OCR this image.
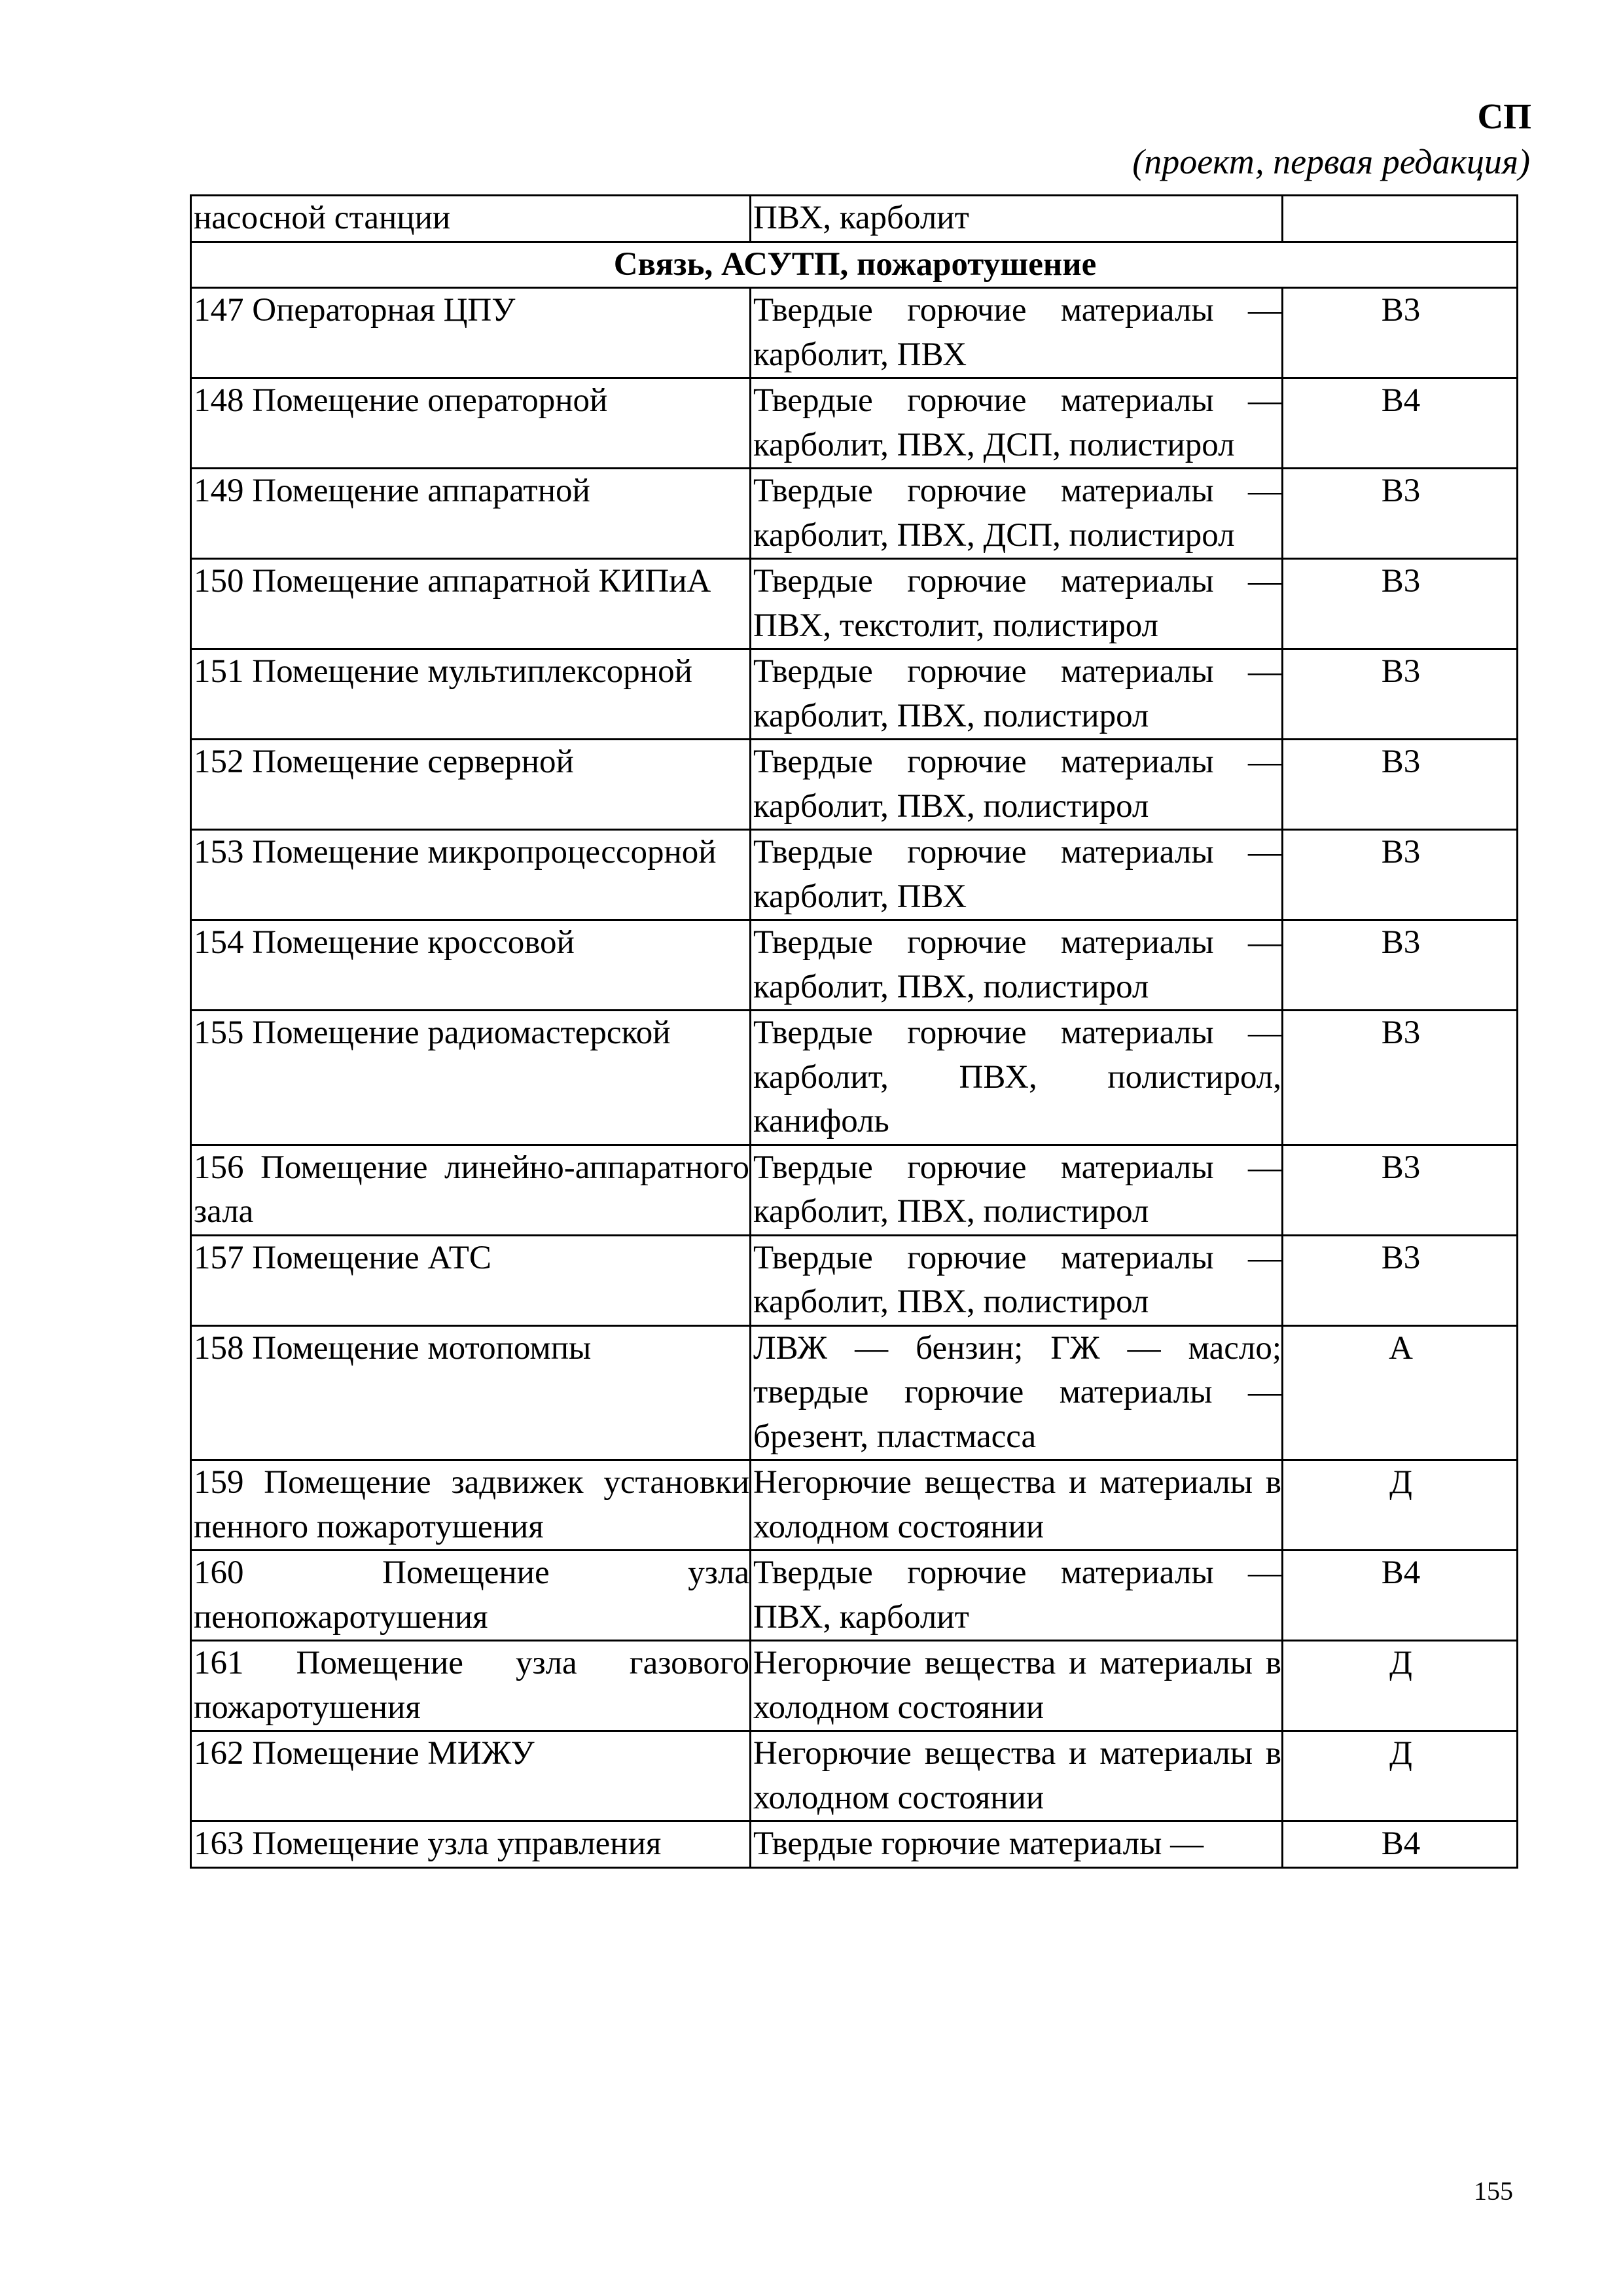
СП
(проект, первая редакция)
насосной станции	ПВХ, карболит	
Связь, АСУТП, пожаротушение		
147 Операторная ЦПУ	Твердые горючие материалы — карболит, ПВХ	В3
148 Помещение операторной	Твердые горючие материалы — карболит, ПВХ, ДСП, полистирол	В4
149 Помещение аппаратной	Твердые горючие материалы — карболит, ПВХ, ДСП, полистирол	В3
150 Помещение аппаратной КИПиА	Твердые горючие материалы — ПВХ, текстолит, полистирол	В3
151 Помещение мультиплексорной	Твердые горючие материалы — карболит, ПВХ, полистирол	В3
152 Помещение серверной	Твердые горючие материалы — карболит, ПВХ, полистирол	В3
153 Помещение микропроцессорной	Твердые горючие материалы — карболит, ПВХ	В3
154 Помещение кроссовой	Твердые горючие материалы — карболит, ПВХ, полистирол	В3
155 Помещение радиомастерской	Твердые горючие материалы — карболит, ПВХ, полистирол, канифоль	В3
156 Помещение линейно-аппаратного зала	Твердые горючие материалы — карболит, ПВХ, полистирол	В3
157 Помещение АТС	Твердые горючие материалы — карболит, ПВХ, полистирол	В3
158 Помещение мотопомпы	ЛВЖ — бензин; ГЖ — масло; твердые горючие материалы — брезент, пластмасса	А
159 Помещение задвижек установки пенного пожаротушения	Негорючие вещества и материалы в холодном состоянии	Д
160 Помещение узла пенопожаротушения	Твердые горючие материалы — ПВХ, карболит	В4
161 Помещение узла газового пожаротушения	Негорючие вещества и материалы в холодном состоянии	Д
162 Помещение МИЖУ	Негорючие вещества и материалы в холодном состоянии	Д
163 Помещение узла управления	Твердые горючие материалы —	В4
155
